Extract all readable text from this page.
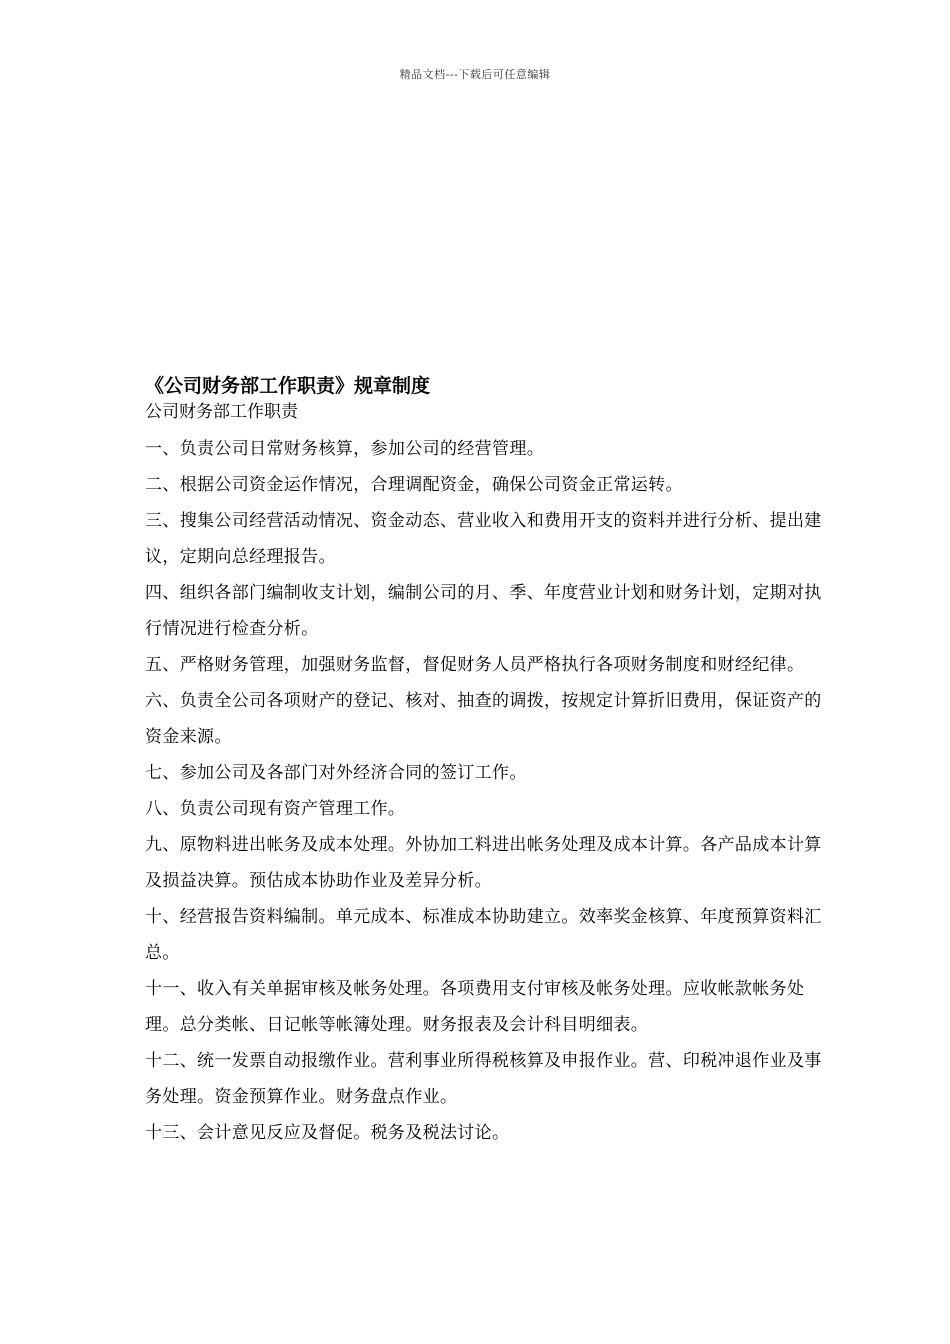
精品文档---下载后可任意编辑
《公司财务部工作职责》规章制度

公司财务部工作职责

一、负责公司日常财务核算，参加公司的经营管理。

二、根据公司资金运作情况，合理调配资金，确保公司资金正常运转。

三、搜集公司经营活动情况、资金动态、营业收入和费用开支的资料并进行分析、提出建议，定期向总经理报告。

四、组织各部门编制收支计划，编制公司的月、季、年度营业计划和财务计划，定期对执行情况进行检查分析。

五、严格财务管理，加强财务监督，督促财务人员严格执行各项财务制度和财经纪律。

六、负责全公司各项财产的登记、核对、抽查的调拨，按规定计算折旧费用，保证资产的资金来源。

七、参加公司及各部门对外经济合同的签订工作。

八、负责公司现有资产管理工作。

九、原物料进出帐务及成本处理。外协加工料进出帐务处理及成本计算。各产品成本计算及损益决算。预估成本协助作业及差异分析。

十、经营报告资料编制。单元成本、标准成本协助建立。效率奖金核算、年度预算资料汇总。

十一、收入有关单据审核及帐务处理。各项费用支付审核及帐务处理。应收帐款帐务处理。总分类帐、日记帐等帐簿处理。财务报表及会计科目明细表。

十二、统一发票自动报缴作业。营利事业所得税核算及申报作业。营、印税冲退作业及事务处理。资金预算作业。财务盘点作业。

十三、会计意见反应及督促。税务及税法讨论。
